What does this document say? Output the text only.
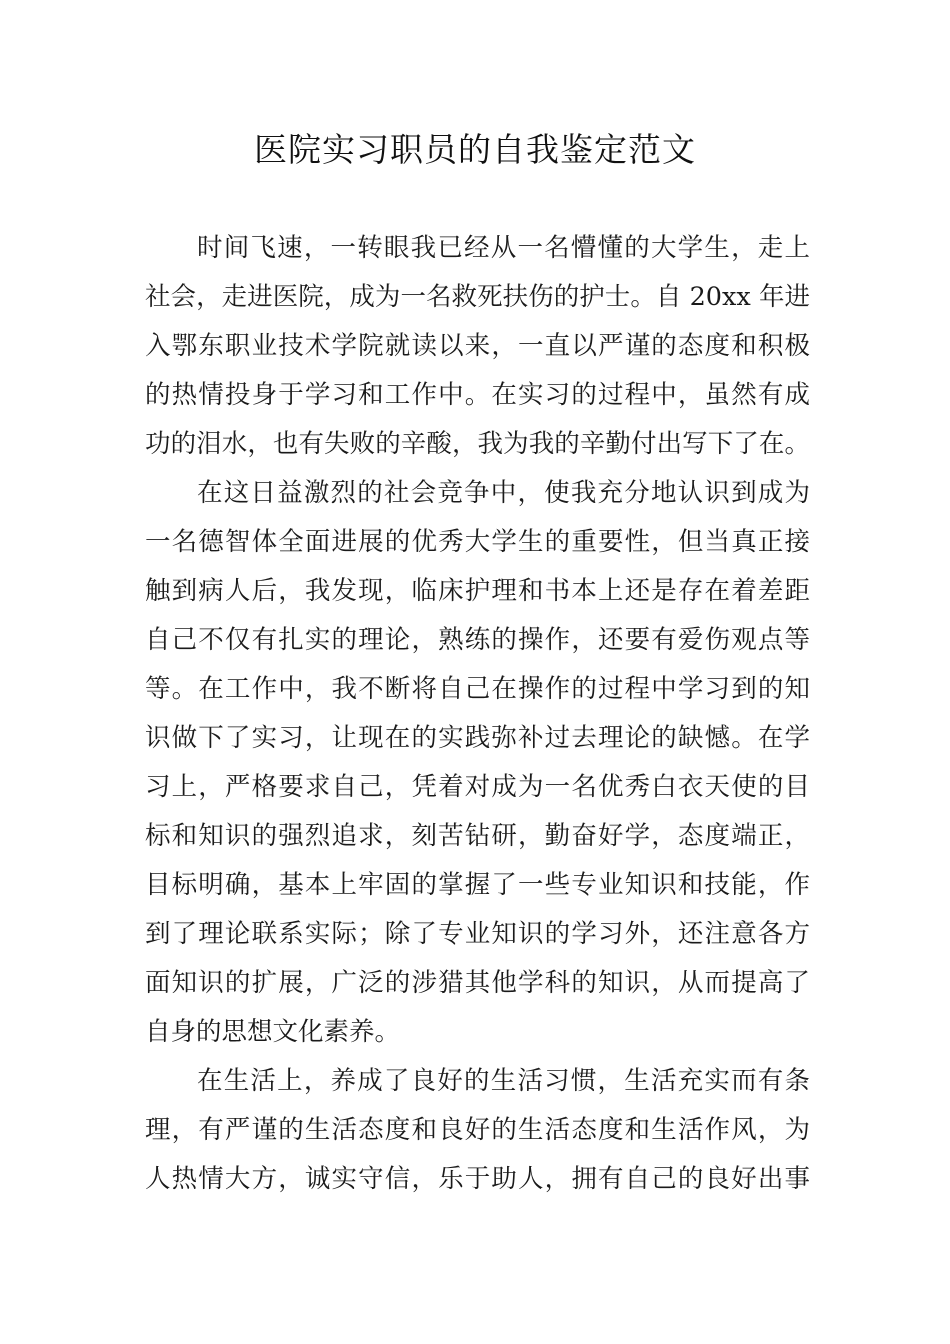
医院实习职员的自我鉴定范文
时间飞速，一转眼我已经从一名懵懂的大学生，走上
社会，走进医院，成为一名救死扶伤的护士。自 20xx 年进
入鄂东职业技术学院就读以来，一直以严谨的态度和积极
的热情投身于学习和工作中。在实习的过程中，虽然有成
功的泪水，也有失败的辛酸，我为我的辛勤付出写下了在。
在这日益激烈的社会竞争中，使我充分地认识到成为
一名德智体全面进展的优秀大学生的重要性，但当真正接
触到病人后，我发现，临床护理和书本上还是存在着差距
自己不仅有扎实的理论，熟练的操作，还要有爱伤观点等
等。在工作中，我不断将自己在操作的过程中学习到的知
识做下了实习，让现在的实践弥补过去理论的缺憾。在学
习上，严格要求自己，凭着对成为一名优秀白衣天使的目
标和知识的强烈追求，刻苦钻研，勤奋好学，态度端正，
目标明确，基本上牢固的掌握了一些专业知识和技能，作
到了理论联系实际；除了专业知识的学习外，还注意各方
面知识的扩展，广泛的涉猎其他学科的知识，从而提高了
自身的思想文化素养。
在生活上，养成了良好的生活习惯，生活充实而有条
理，有严谨的生活态度和良好的生活态度和生活作风，为
人热情大方，诚实守信，乐于助人，拥有自己的良好出事
